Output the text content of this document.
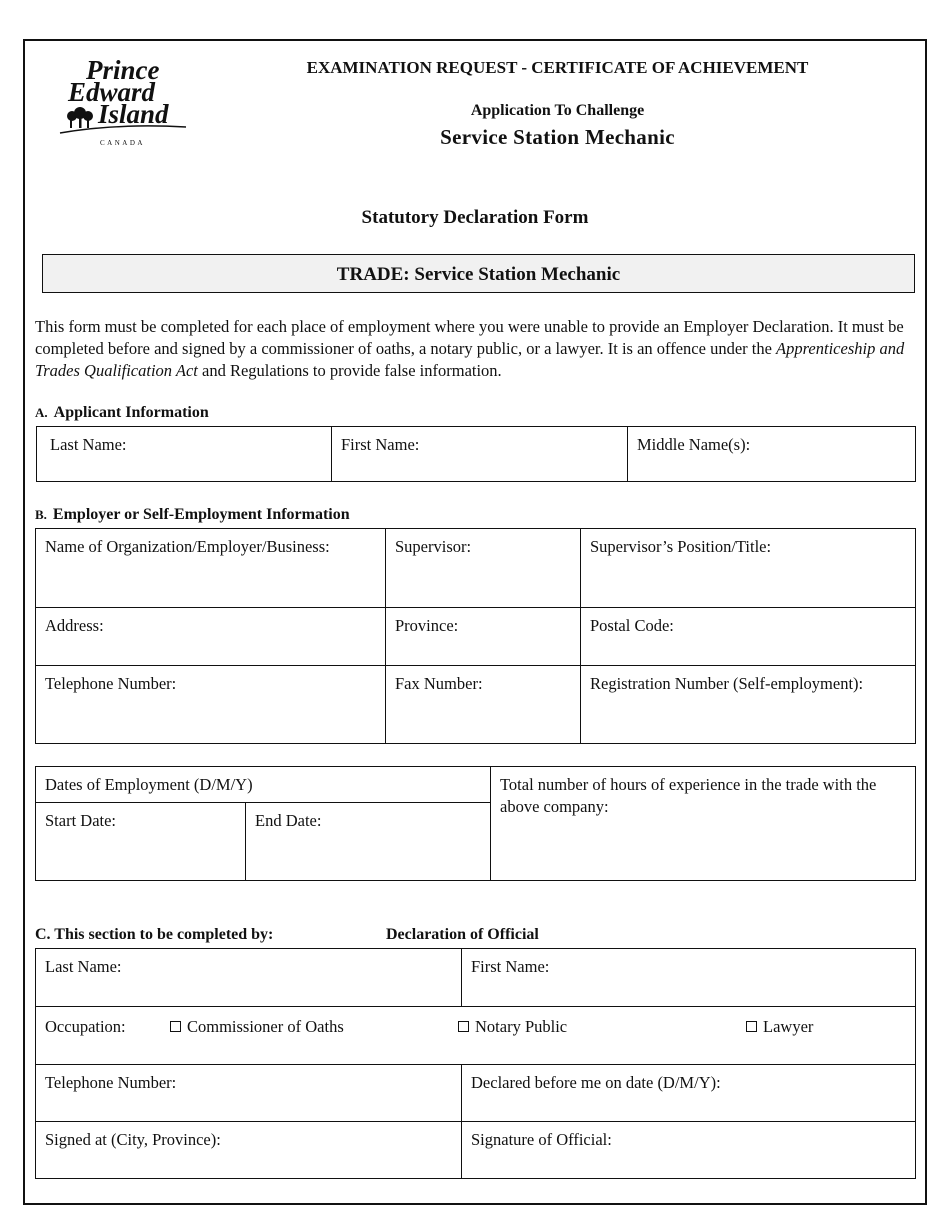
Prince
Edward
Island
CANADA
EXAMINATION REQUEST - CERTIFICATE OF ACHIEVEMENT
Application To Challenge
Service Station Mechanic
Statutory Declaration Form
TRADE: Service Station Mechanic
This form must be completed for each place of employment where you were unable to provide an Employer Declaration. It must be completed before and signed by a commissioner of oaths, a notary public, or a lawyer. It is an offence under the Apprenticeship and Trades Qualification Act and Regulations to provide false information.
A. Applicant Information
Last Name:	First Name:	Middle Name(s):
B. Employer or Self-Employment Information
Name of Organization/Employer/Business:	Supervisor:	Supervisor’s Position/Title:

Address:	Province:	Postal Code:

Telephone Number:	Fax Number:	Registration Number (Self-employment):
Dates of Employment (D/M/Y)		Total number of hours of experience in the trade with the above company:

Start Date:	End Date:	
C. This section to be completed by:	Declaration of Official
Last Name:	First Name:

Occupation: Commissioner of Oaths Notary Public Lawyer	

Telephone Number:	Declared before me on date (D/M/Y):

Signed at (City, Province):	Signature of Official:
